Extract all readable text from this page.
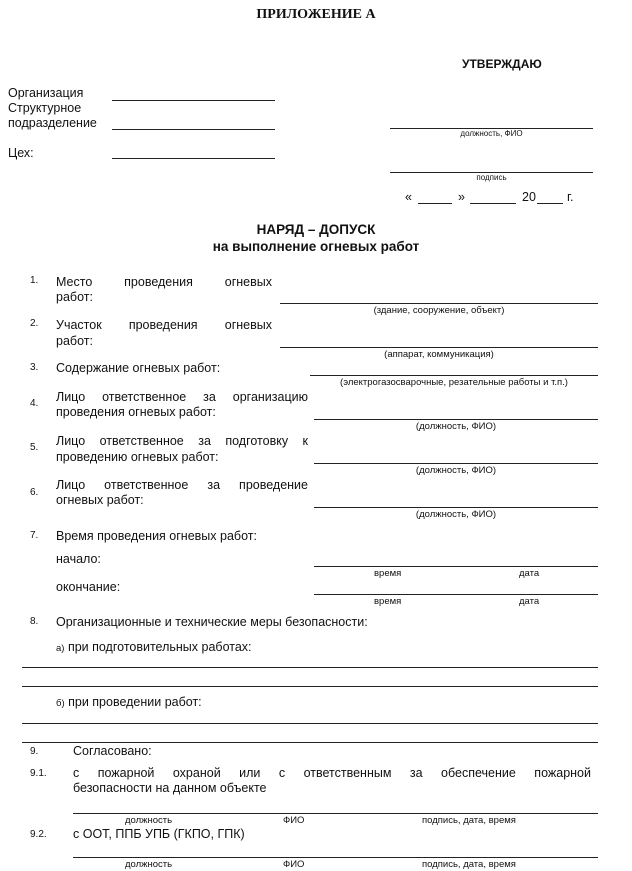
ПРИЛОЖЕНИЕ А
УТВЕРЖДАЮ
Организация
Структурное
подразделение
Цех:
должность, ФИО
подпись
«	»	20 г.
НАРЯД – ДОПУСК
на выполнение огневых работ
1. Место проведения огневых
работ:
(здание, сооружение, объект)
2. Участок проведения огневых
работ:
(аппарат, коммуникация)
3. Содержание огневых работ:
(электрогазосварочные, резательные работы и т.п.)
4. Лицо ответственное за организацию
проведения огневых работ:
(должность, ФИО)
5. Лицо ответственное за подготовку к
проведению огневых работ:
(должность, ФИО)
6.
Лицо ответственное за проведение
огневых работ:
(должность, ФИО)
7. Время проведения огневых работ:
начало:
время	дата
окончание:
время	дата
8. Организационные и технические меры безопасности:
а) при подготовительных работах:
б) при проведении работ:
9.	Согласовано:
9.1. с пожарной охраной или с ответственным за обеспечение пожарной
безопасности на данном объекте
должность	ФИО	подпись, дата, время
9.2. с ООТ, ППБ УПБ (ГКПО, ГПК)
должность	ФИО	подпись, дата, время
